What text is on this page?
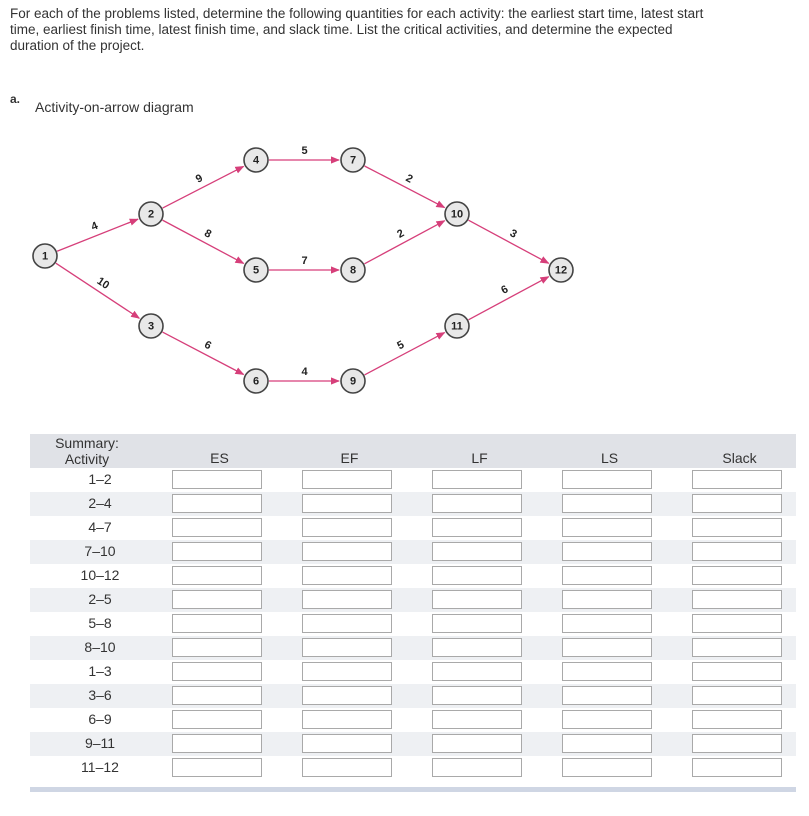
For each of the problems listed, determine the following quantities for each activity: the earliest start time, latest start time, earliest finish time, latest finish time, and slack time. List the critical activities, and determine the expected duration of the project.
a. Activity-on-arrow diagram
4
10
9
8
6
5
7
4
2
2
5
3
6
1
2
3
4
5
6
7
8
9
10
11
12
Summary:
Activity	ES	EF	LF	LS	Slack
1–2
2–4
4–7
7–10
10–12
2–5
5–8
8–10
1–3
3–6
6–9
9–11
11–12
